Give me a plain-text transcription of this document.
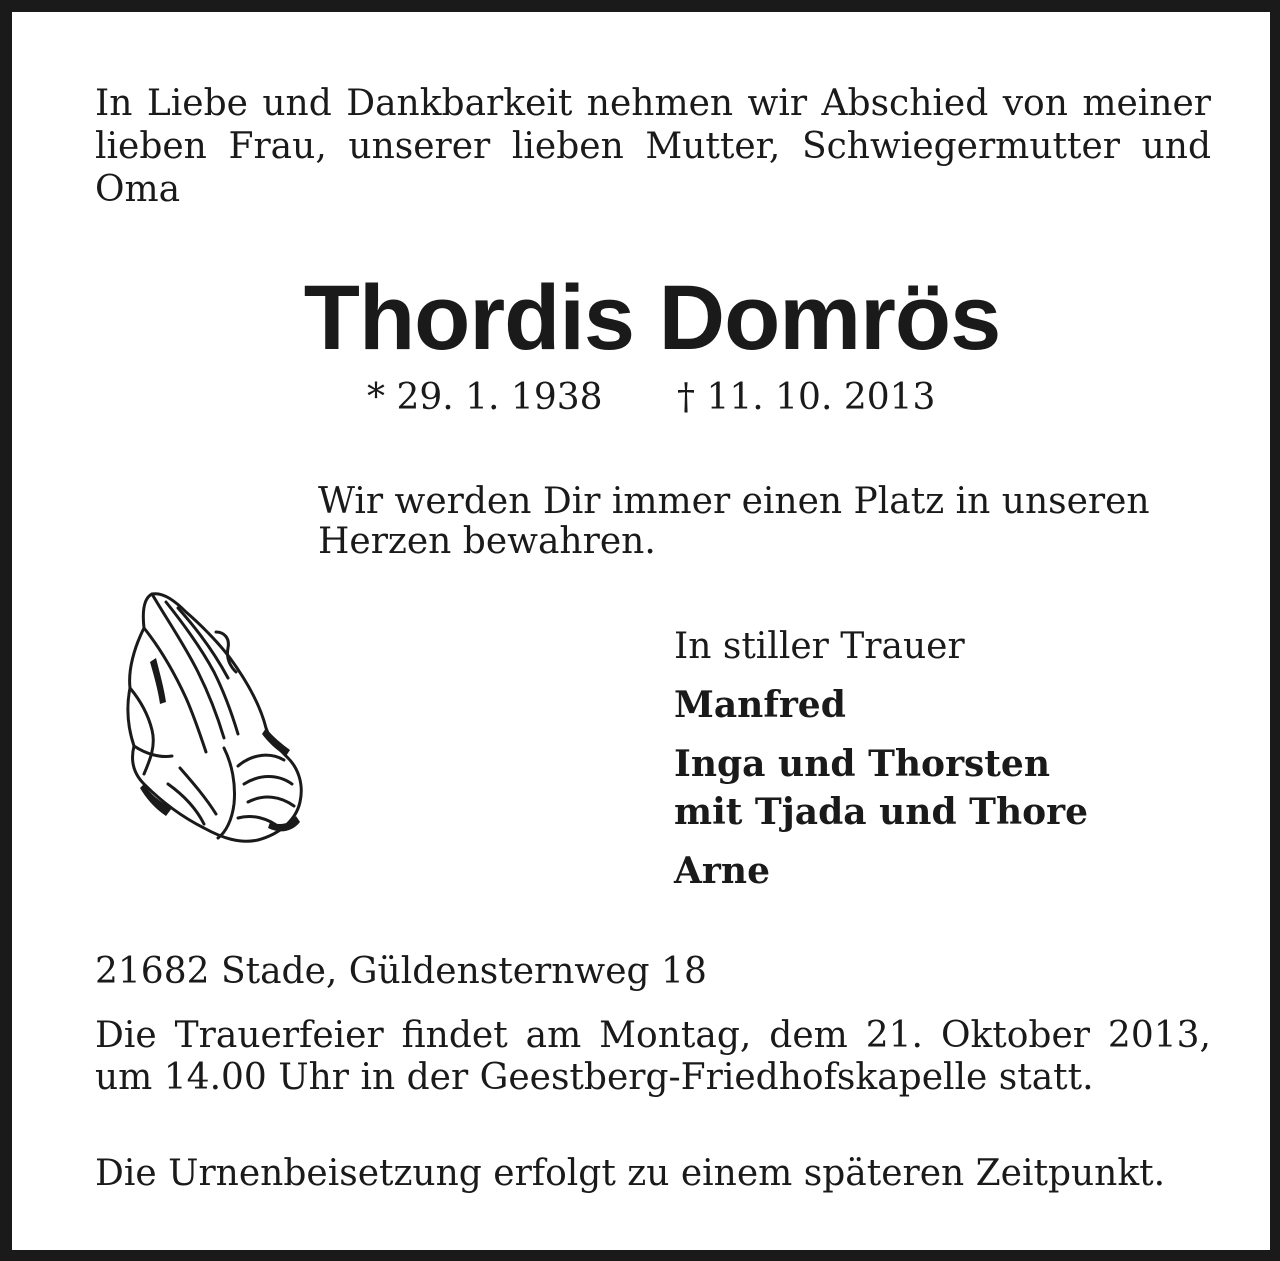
In Liebe und Dankbarkeit nehmen wir Abschied von meiner lieben Frau, unserer lieben Mutter, Schwiegermutter und Oma

Thordis Domrös
* 29. 1. 1938 † 11. 10. 2013

Wir werden Dir immer einen Platz in unseren Herzen bewahren.

In stiller Trauer
Manfred
Inga und Thorsten
mit Tjada und Thore
Arne

21682 Stade, Güldensternweg 18

Die Trauerfeier findet am Montag, dem 21. Oktober 2013, um 14.00 Uhr in der Geestberg-Friedhofskapelle statt.

Die Urnenbeisetzung erfolgt zu einem späteren Zeitpunkt.
